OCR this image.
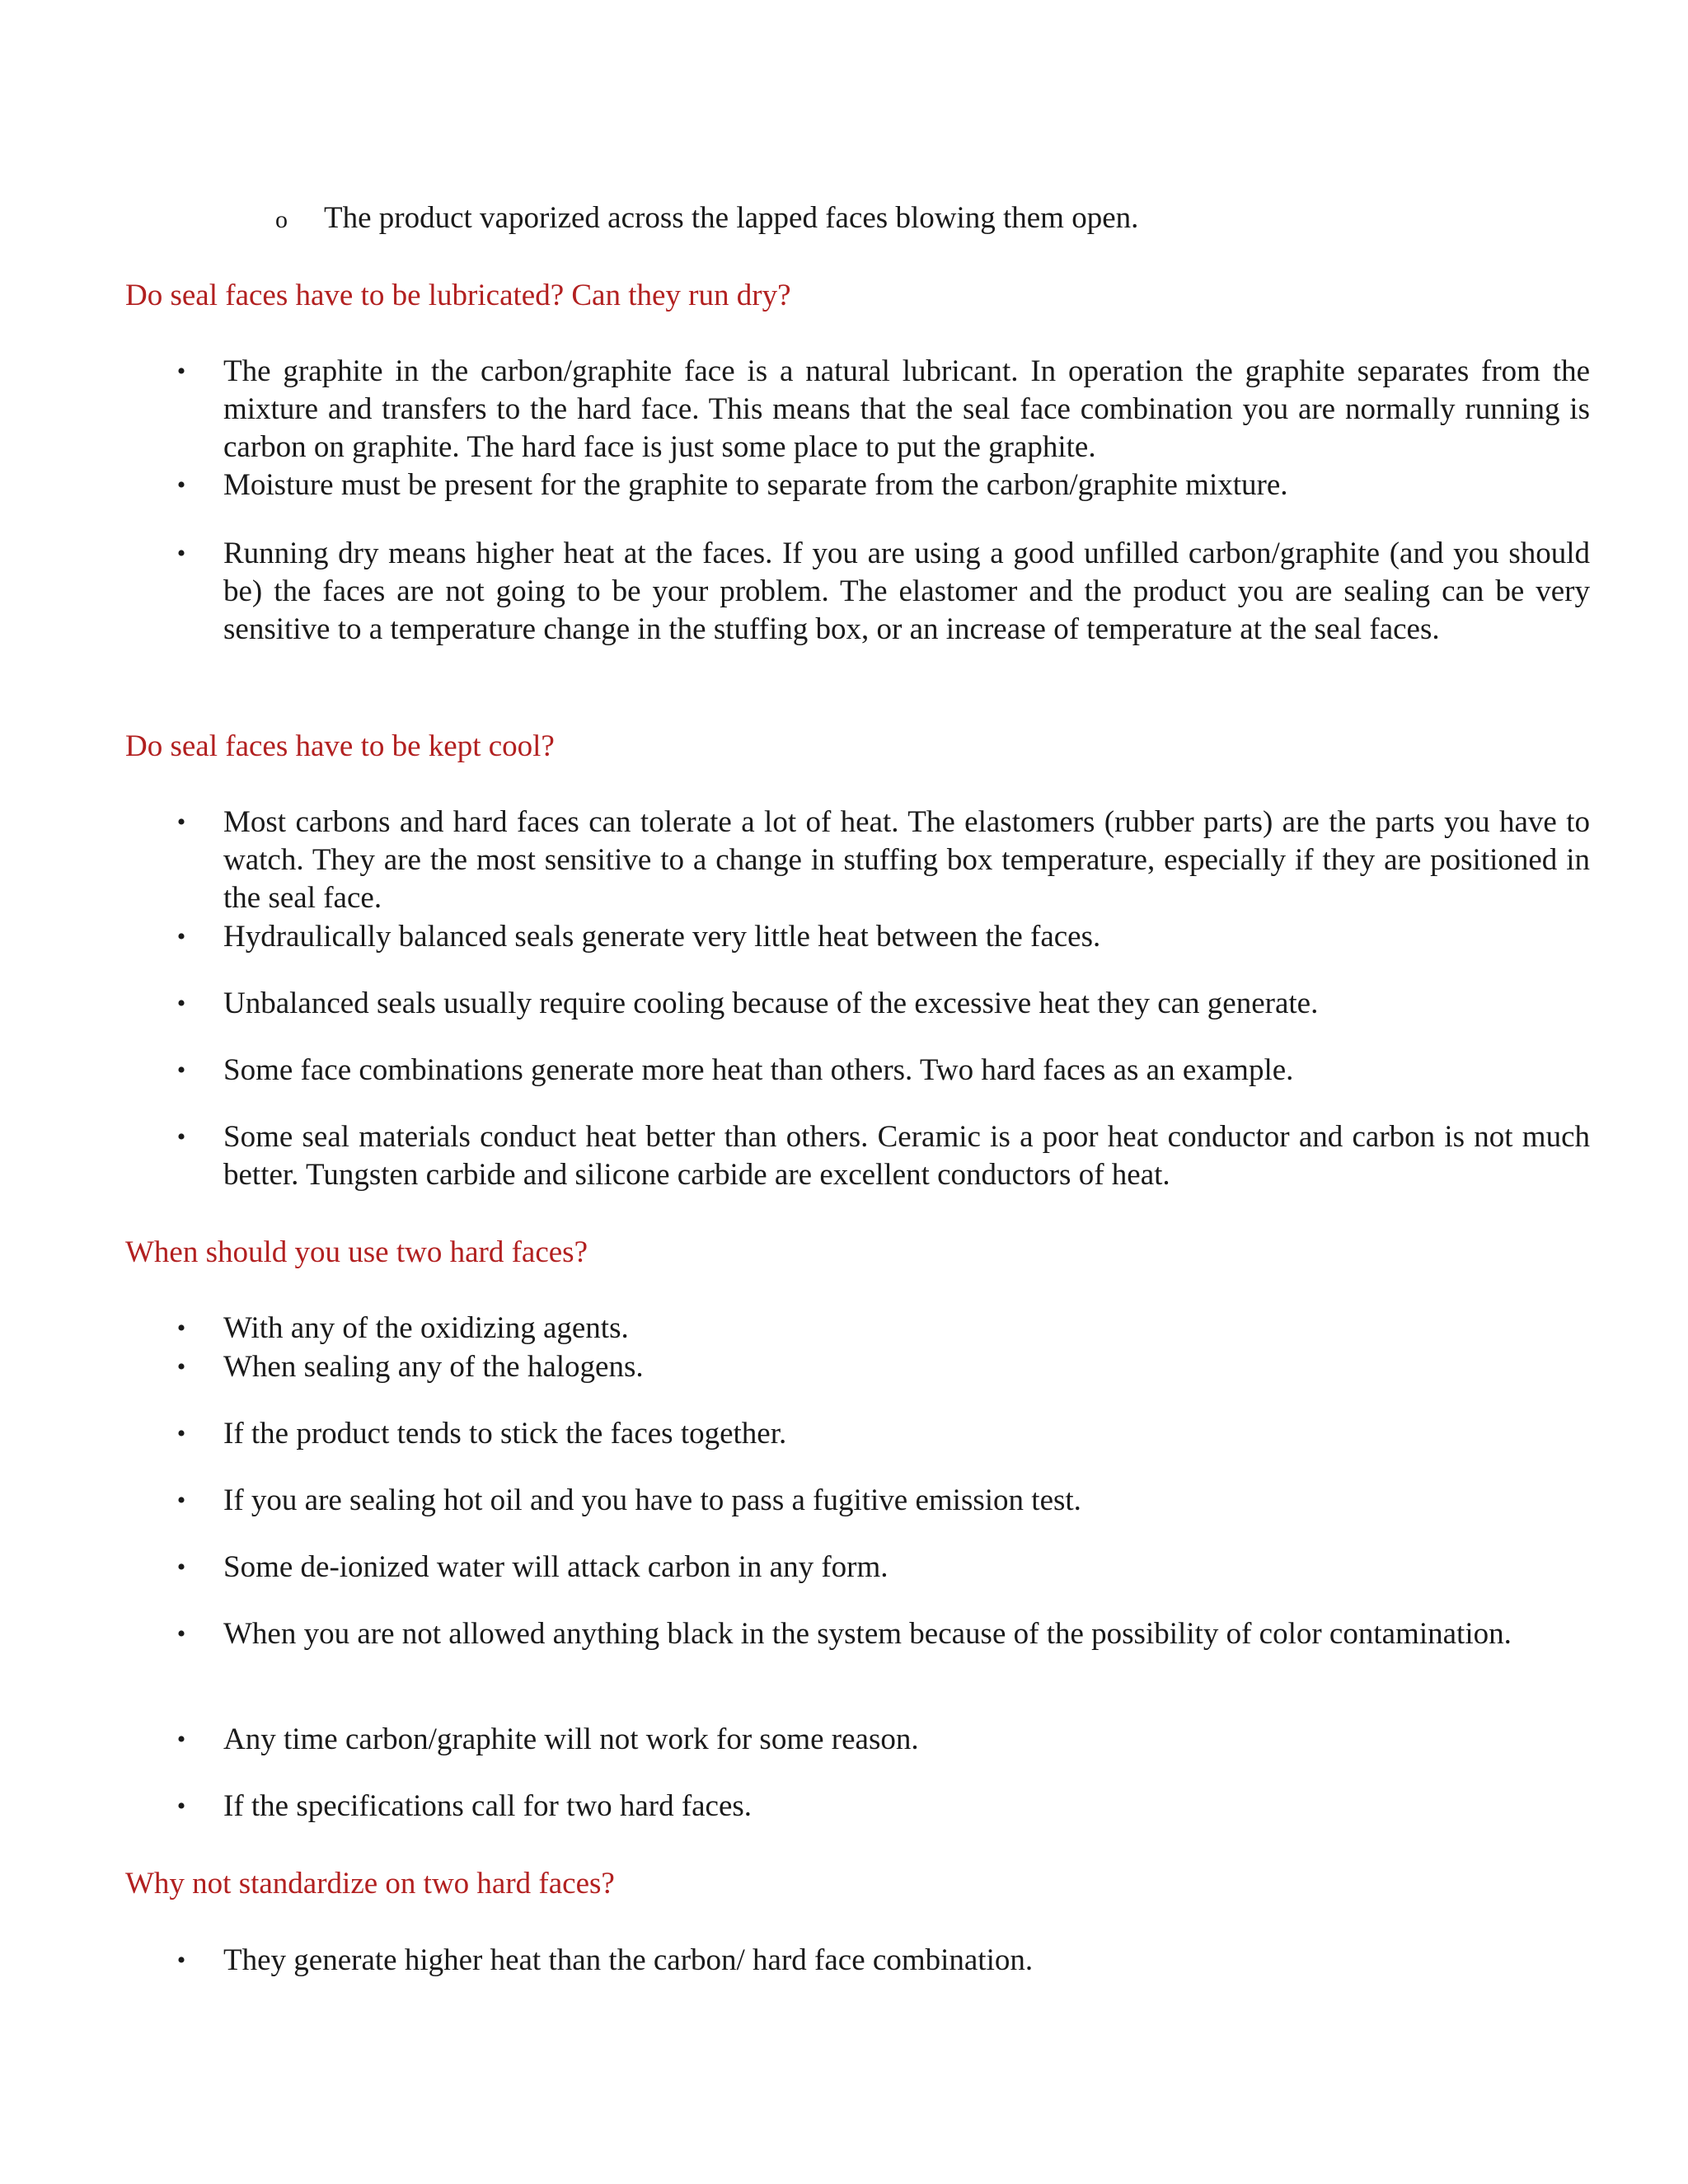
o The product vaporized across the lapped faces blowing them open.
Do seal faces have to be lubricated? Can they run dry?
• The graphite in the carbon/graphite face is a natural lubricant. In operation the graphite separates from the mixture and transfers to the hard face. This means that the seal face combination you are normally running is carbon on graphite. The hard face is just some place to put the graphite.
• Moisture must be present for the graphite to separate from the carbon/graphite mixture.
• Running dry means higher heat at the faces. If you are using a good unfilled carbon/graphite (and you should be) the faces are not going to be your problem. The elastomer and the product you are sealing can be very sensitive to a temperature change in the stuffing box, or an increase of temperature at the seal faces.
Do seal faces have to be kept cool?
• Most carbons and hard faces can tolerate a lot of heat. The elastomers (rubber parts) are the parts you have to watch. They are the most sensitive to a change in stuffing box temperature, especially if they are positioned in the seal face.
• Hydraulically balanced seals generate very little heat between the faces.
• Unbalanced seals usually require cooling because of the excessive heat they can generate.
• Some face combinations generate more heat than others. Two hard faces as an example.
• Some seal materials conduct heat better than others. Ceramic is a poor heat conductor and carbon is not much better. Tungsten carbide and silicone carbide are excellent conductors of heat.
When should you use two hard faces?
• With any of the oxidizing agents.
• When sealing any of the halogens.
• If the product tends to stick the faces together.
• If you are sealing hot oil and you have to pass a fugitive emission test.
• Some de-ionized water will attack carbon in any form.
• When you are not allowed anything black in the system because of the possibility of color contamination.
• Any time carbon/graphite will not work for some reason.
• If the specifications call for two hard faces.
Why not standardize on two hard faces?
• They generate higher heat than the carbon/ hard face combination.
